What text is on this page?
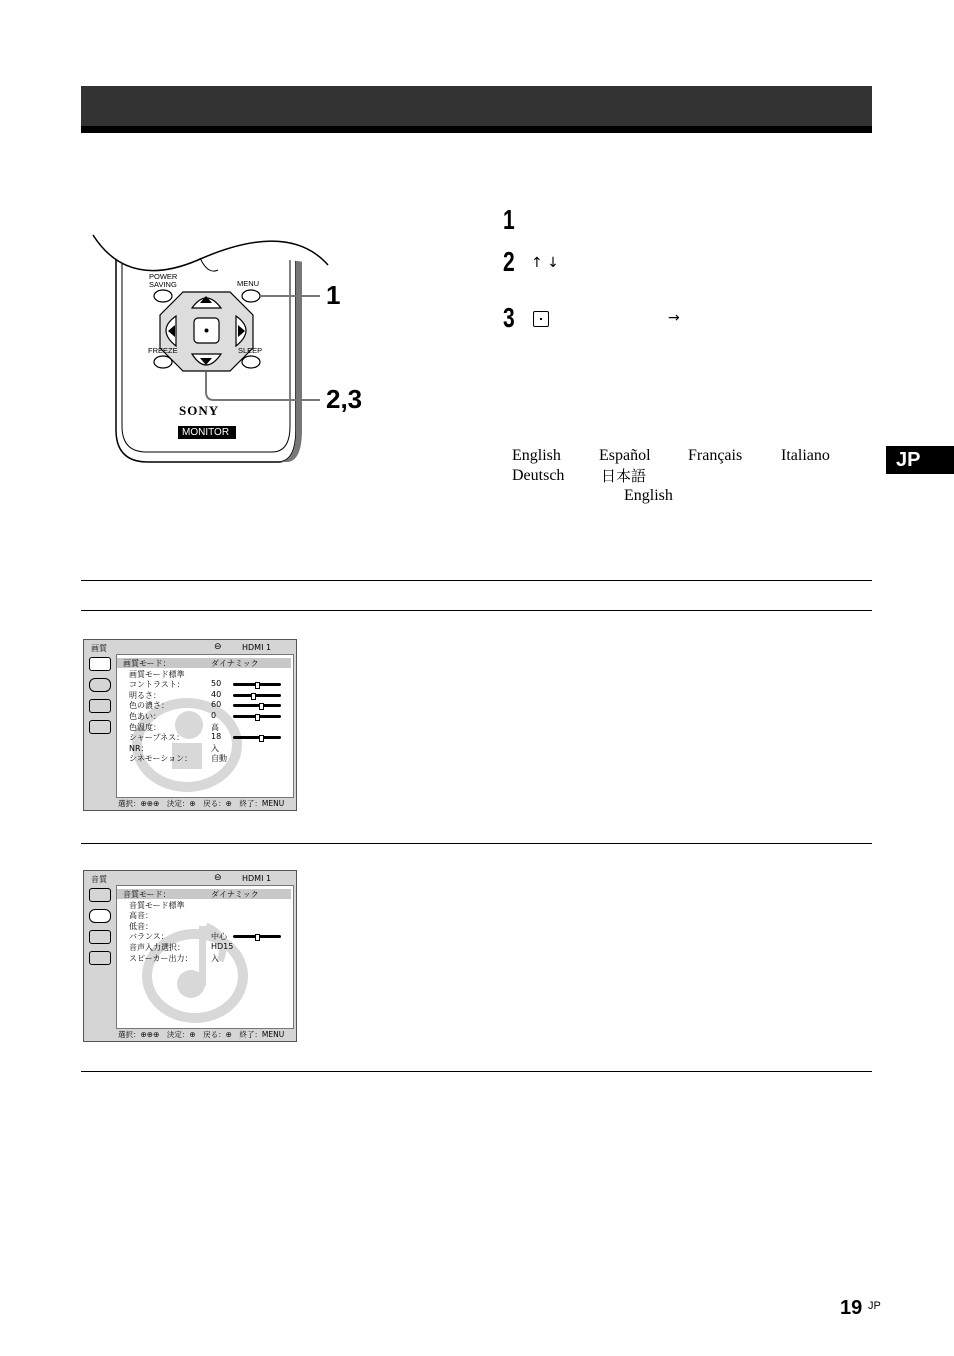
POWER
SAVING	MENU
FREEZE	SLEEP
SONY
MONITOR
1
2,3
1
2 ↑ ↓
3	→
English Español Français Italiano
Deutsch 日本語
English
JP
画質	⊖	HDMI 1
画質モード：	ダイナミック
画質モード標準
コントラスト：	50
明るさ：	40
色の濃さ：	60
色あい：	0
色温度：	高
シャープネス：	18
NR：	入
シネモーション： 自動
選択：⊕⊕⊕　決定：⊕　戻る：⊕　終了：MENU
音質	⊖	HDMI 1
音質モード：	ダイナミック
音質モード標準
高音：
低音：
バランス：	中心
音声入力選択：	HD15
スピーカー出力： 入
選択：⊕⊕⊕　決定：⊕　戻る：⊕　終了：MENU
19 JP
